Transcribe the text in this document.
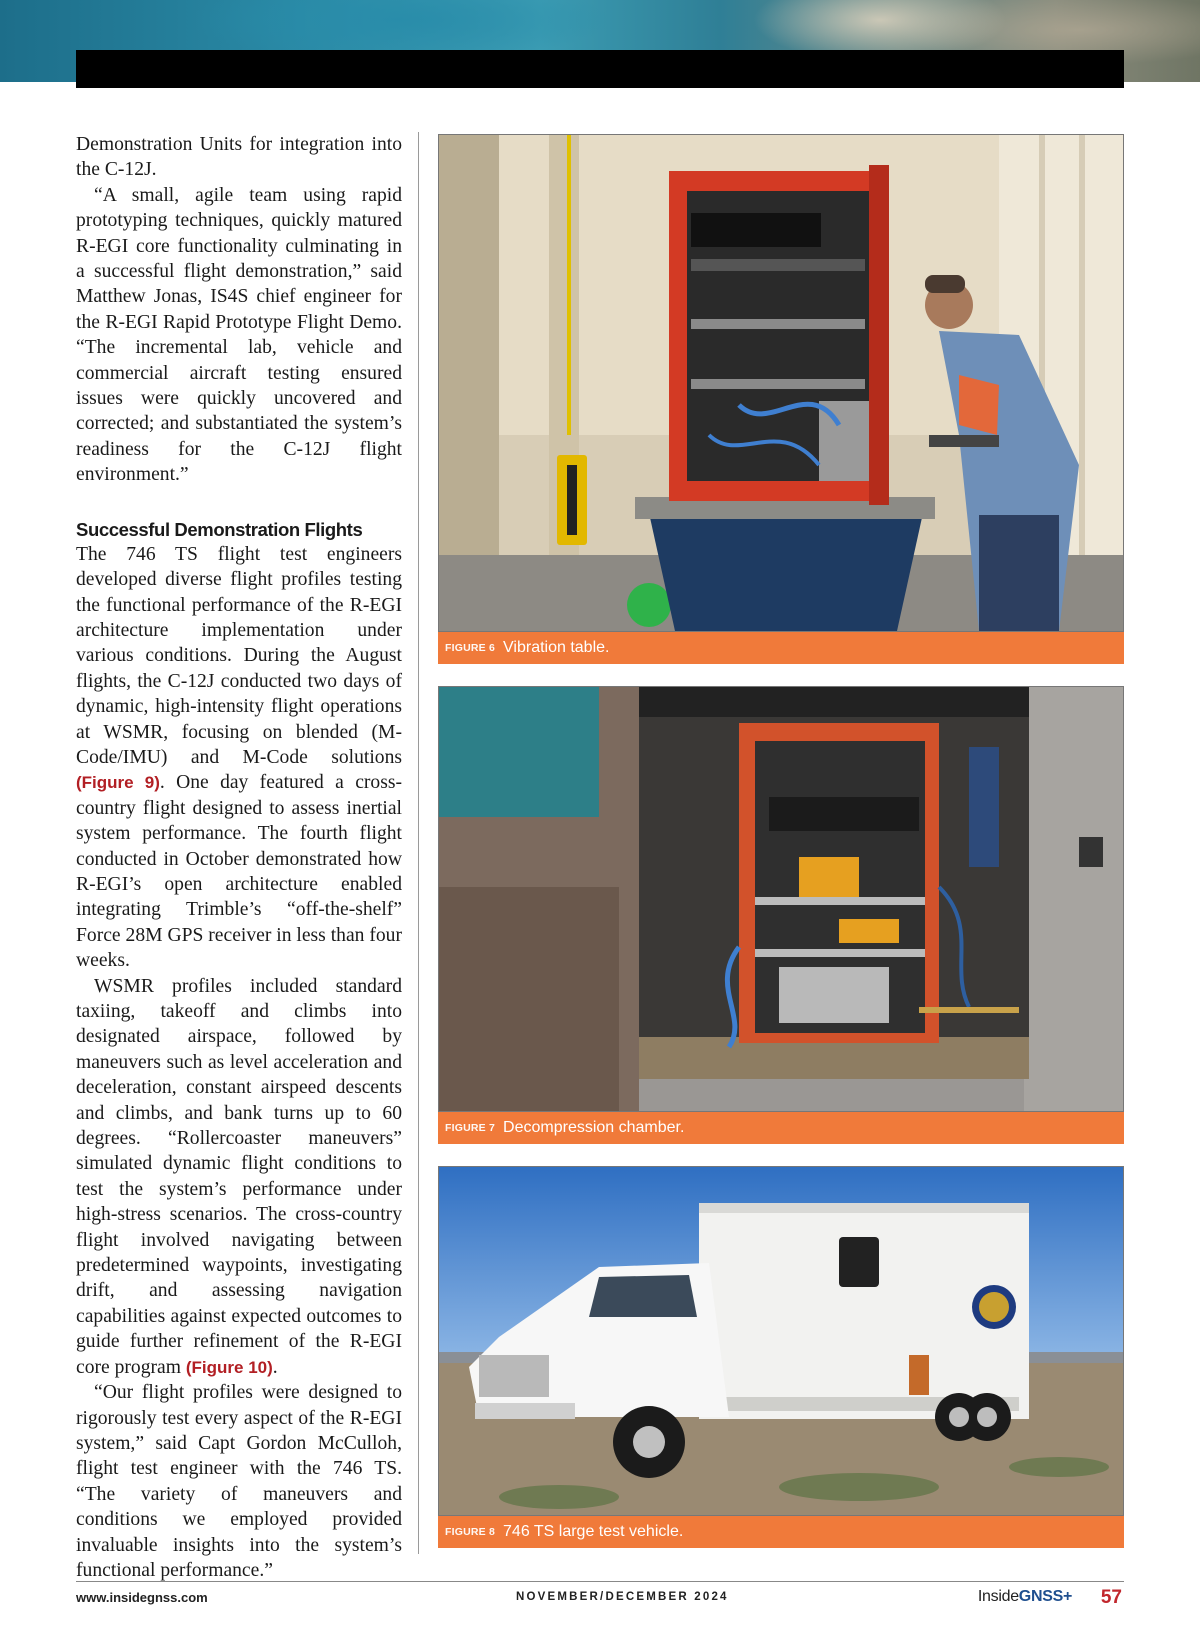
Demonstration Units for integration into the C-12J.

“A small, agile team using rapid prototyping techniques, quickly matured R-EGI core functionality culminating in a successful flight demonstration,” said Matthew Jonas, IS4S chief engineer for the R-EGI Rapid Prototype Flight Demo. “The incremental lab, vehicle and commercial aircraft testing ensured issues were quickly uncovered and corrected; and substantiated the system’s readiness for the C-12J flight environment.”

Successful Demonstration Flights

The 746 TS flight test engineers developed diverse flight profiles testing the functional performance of the R-EGI architecture implementation under various conditions. During the August flights, the C-12J conducted two days of dynamic, high-intensity flight operations at WSMR, focusing on blended (M-Code/IMU) and M-Code solutions (Figure 9). One day featured a cross-country flight designed to assess inertial system performance. The fourth flight conducted in October demonstrated how R-EGI’s open architecture enabled integrating Trimble’s “off-the-shelf” Force 28M GPS receiver in less than four weeks.

WSMR profiles included standard taxiing, takeoff and climbs into designated airspace, followed by maneuvers such as level acceleration and deceleration, constant airspeed descents and climbs, and bank turns up to 60 degrees. “Rollercoaster maneuvers” simulated dynamic flight conditions to test the system’s performance under high-stress scenarios. The cross-country flight involved navigating between predetermined waypoints, investigating drift, and assessing navigation capabilities against expected outcomes to guide further refinement of the R-EGI core program (Figure 10).

“Our flight profiles were designed to rigorously test every aspect of the R-EGI system,” said Capt Gordon McCulloh, flight test engineer with the 746 TS. “The variety of maneuvers and conditions we employed provided invaluable insights into the system’s functional performance.”

FIGURE 6 Vibration table.
FIGURE 7 Decompression chamber.
FIGURE 8 746 TS large test vehicle.
www.insidegnss.com	NOVEMBER/DECEMBER 2024	InsideGNSS+ 57
